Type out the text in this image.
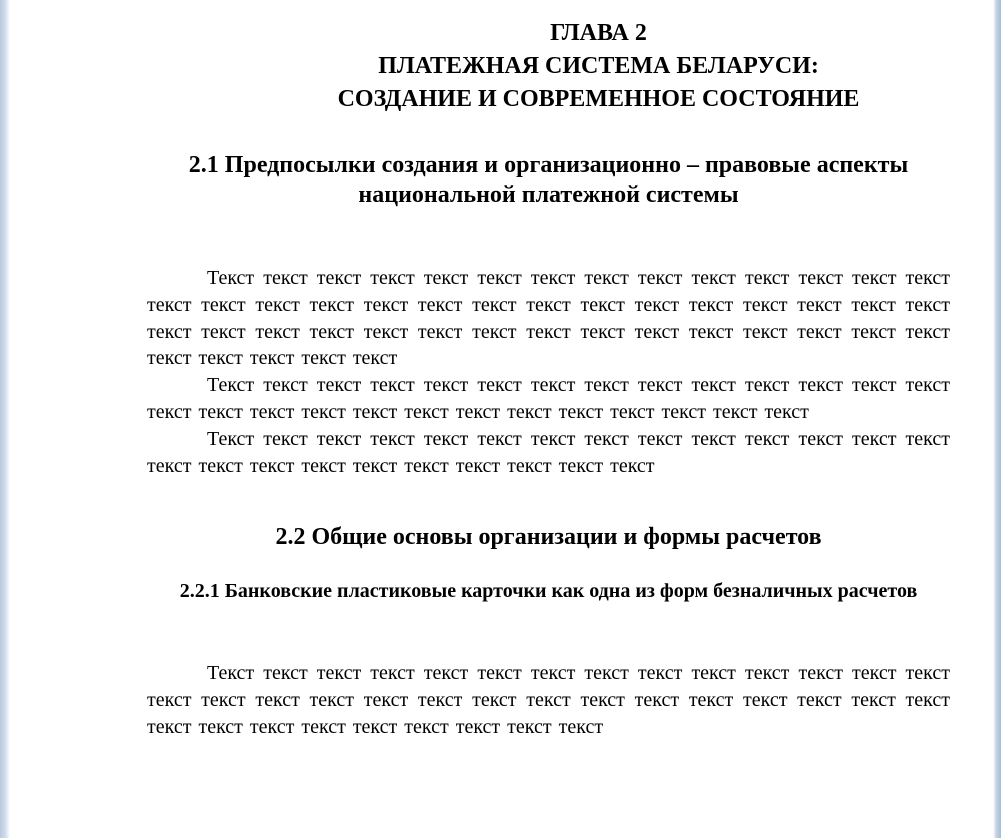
ГЛАВА 2
ПЛАТЕЖНАЯ СИСТЕМА БЕЛАРУСИ:
СОЗДАНИЕ И СОВРЕМЕННОЕ СОСТОЯНИЕ
2.1 Предпосылки создания и организационно – правовые аспекты национальной платежной системы

Текст текст текст текст текст текст текст текст текст текст текст текст текст текст текст текст текст текст текст текст текст текст текст текст текст текст текст текст текст текст текст текст текст текст текст текст текст текст текст текст текст текст текст текст текст текст текст текст текст

Текст текст текст текст текст текст текст текст текст текст текст текст текст текст текст текст текст текст текст текст текст текст текст текст текст текст текст

Текст текст текст текст текст текст текст текст текст текст текст текст текст текст текст текст текст текст текст текст текст текст текст текст

2.2 Общие основы организации и формы расчетов
2.2.1 Банковские пластиковые карточки как одна из форм безналичных расчетов

Текст текст текст текст текст текст текст текст текст текст текст текст текст текст текст текст текст текст текст текст текст текст текст текст текст текст текст текст текст текст текст текст текст текст текст текст текст текст
